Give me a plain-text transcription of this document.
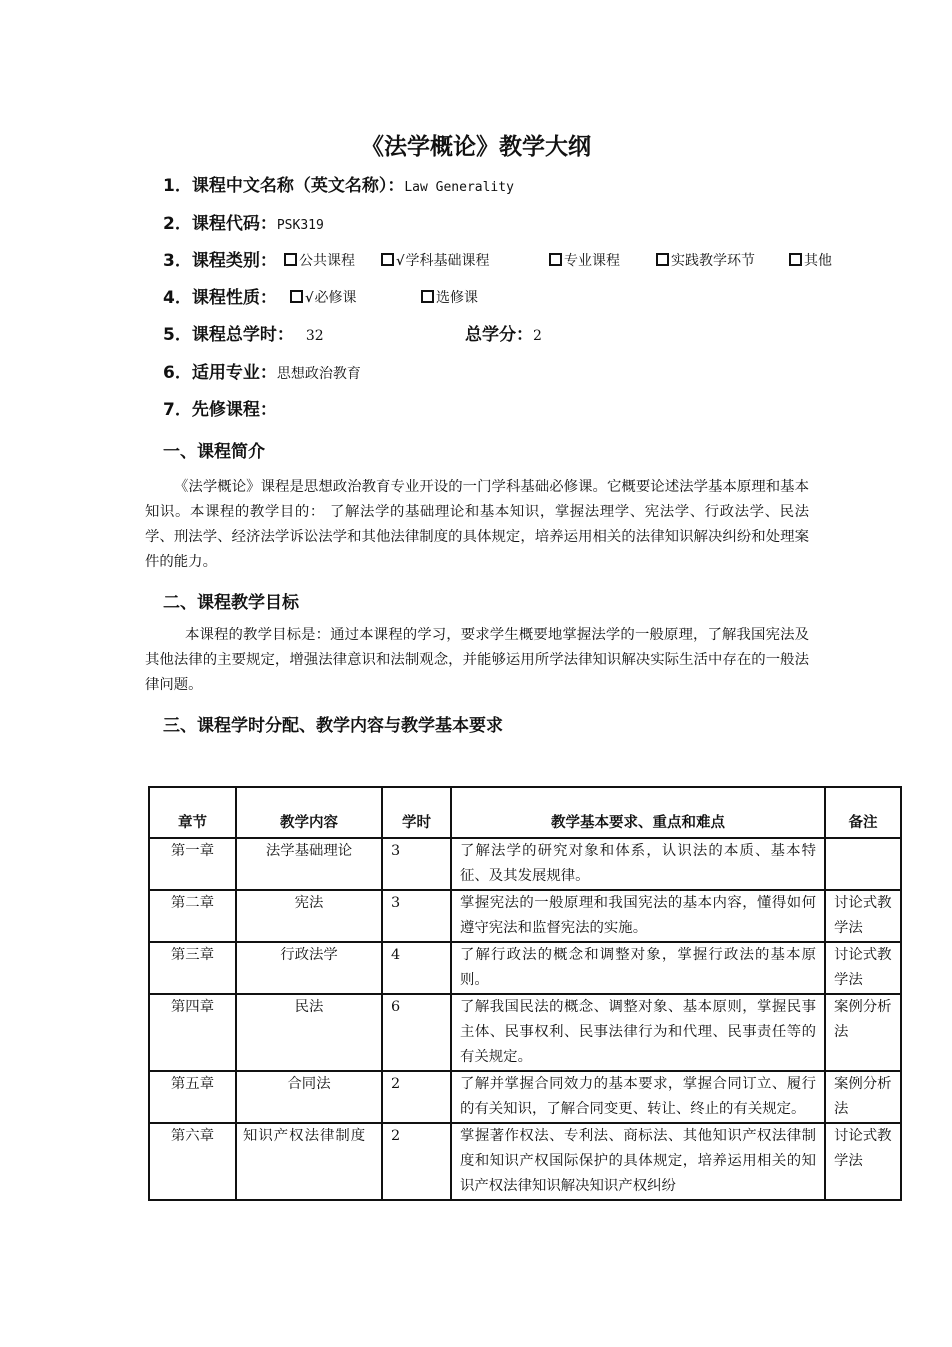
《法学概论》教学大纲
1．课程中文名称（英文名称）：Law Generality
2．课程代码：PSK319
3．课程类别：	公共课程	√学科基础课程	专业课程	实践教学环节	其他
4．课程性质：	√必修课	选修课
5．课程总学时： 32	总学分：2
6．适用专业：思想政治教育
7．先修课程：
一、课程简介

《法学概论》课程是思想政治教育专业开设的一门学科基础必修课。它概要论述法学基本原理和基本知识。本课程的教学目的： 了解法学的基础理论和基本知识，掌握法理学、宪法学、行政法学、民法学、刑法学、经济法学诉讼法学和其他法律制度的具体规定，培养运用相关的法律知识解决纠纷和处理案件的能力。

二、课程教学目标

本课程的教学目标是：通过本课程的学习，要求学生概要地掌握法学的一般原理，了解我国宪法及其他法律的主要规定，增强法律意识和法制观念，并能够运用所学法律知识解决实际生活中存在的一般法律问题。

三、课程学时分配、教学内容与教学基本要求
章节	教学内容	学时	教学基本要求、重点和难点	备注
第一章	法学基础理论	3	了解法学的研究对象和体系，认识法的本质、基本特征、及其发展规律。	
第二章	宪法	3	掌握宪法的一般原理和我国宪法的基本内容，懂得如何遵守宪法和监督宪法的实施。	讨论式教学法
第三章	行政法学	4	了解行政法的概念和调整对象，掌握行政法的基本原则。	讨论式教学法
第四章	民法	6	了解我国民法的概念、调整对象、基本原则，掌握民事主体、民事权利、民事法律行为和代理、民事责任等的有关规定。	案例分析法
第五章	合同法	2	了解并掌握合同效力的基本要求，掌握合同订立、履行的有关知识，了解合同变更、转让、终止的有关规定。	案例分析法
第六章	知识产权法律制度	2	掌握著作权法、专利法、商标法、其他知识产权法律制度和知识产权国际保护的具体规定，培养运用相关的知识产权法律知识解决知识产权纠纷	讨论式教学法
